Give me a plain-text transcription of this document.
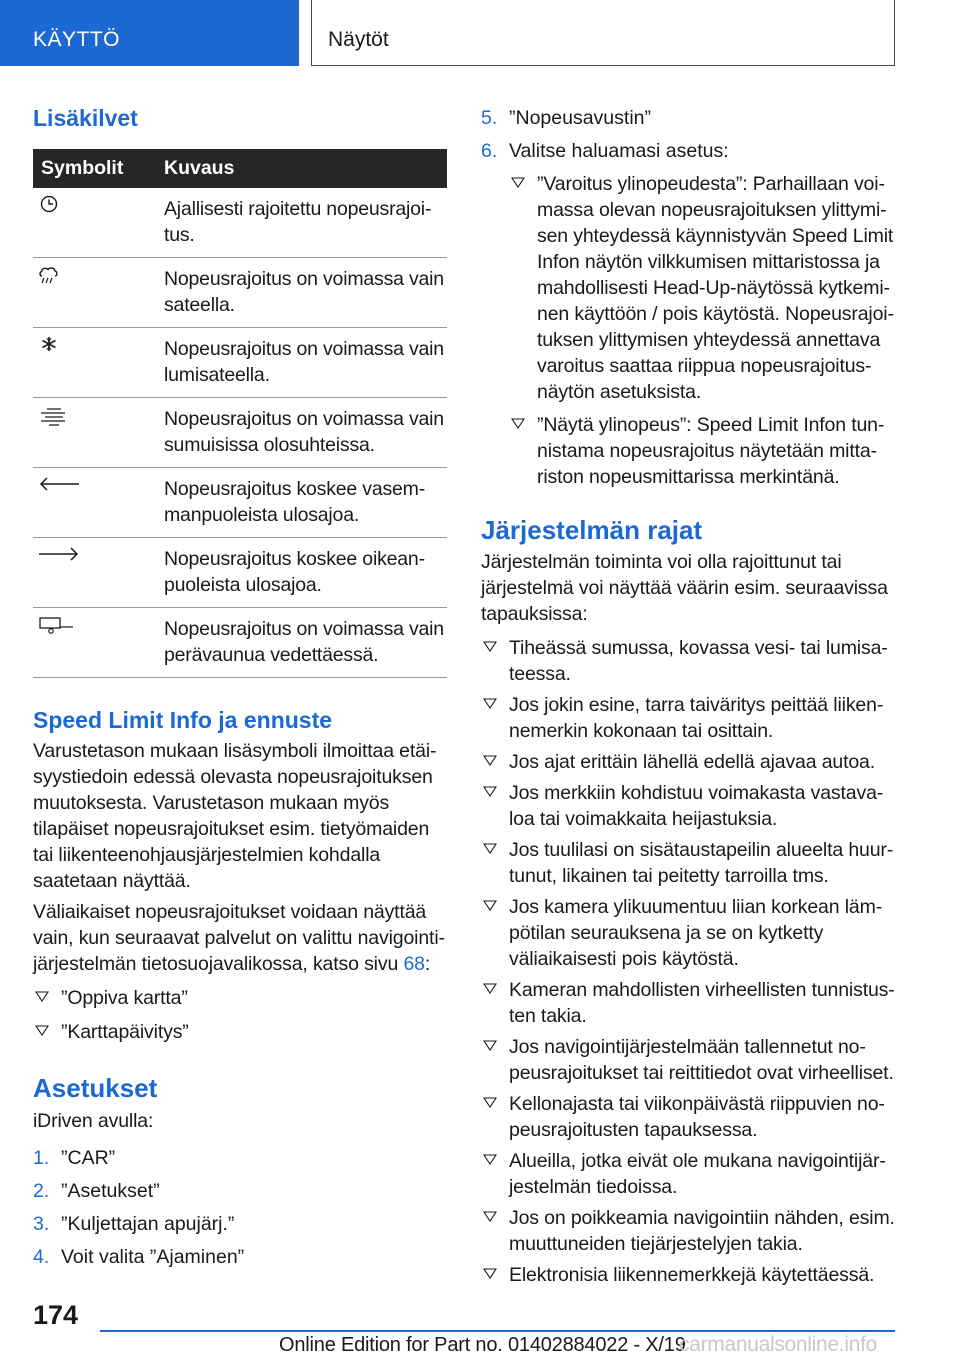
KÄYTTÖ	Näytöt
Lisäkilvet
Symbolit	Kuvaus
	Ajallisesti rajoitettu nopeusrajoitus.
	Nopeusrajoitus on voimassa vain sateella.
	Nopeusrajoitus on voimassa vain lumisateella.
	Nopeusrajoitus on voimassa vain sumuisissa olosuhteissa.
	Nopeusrajoitus koskee vasemmanpuoleista ulosajoa.
	Nopeusrajoitus koskee oikeanpuoleista ulosajoa.
	Nopeusrajoitus on voimassa vain perävaunua vedettäessä.
Speed Limit Info ja ennuste

Varustetason mukaan lisäsymboli ilmoittaa etäisyystiedoin edessä olevasta nopeusrajoituksen muutoksesta. Varustetason mukaan myös tilapäiset nopeusrajoitukset esim. tietyömaiden tai liikenteenohjausjärjestelmien kohdalla saatetaan näyttää.

Väliaikaiset nopeusrajoitukset voidaan näyttää vain, kun seuraavat palvelut on valittu navigointijärjestelmän tietosuojavalikossa, katso sivu 68:

”Oppiva kartta”
”Karttapäivitys”
Asetukset

iDriven avulla:

1. ”CAR”
2. ”Asetukset”
3. ”Kuljettajan apujärj.”
4. Voit valita ”Ajaminen”
5. ”Nopeusavustin”
6. Valitse haluamasi asetus:
”Varoitus ylinopeudesta”: Parhaillaan voimassa olevan nopeusrajoituksen ylittymisen yhteydessä käynnistyvän Speed Limit Infon näytön vilkkumisen mittaristossa ja mahdollisesti Head-Up-näytössä kytkeminen käyttöön / pois käytöstä. Nopeusrajoituksen ylittymisen yhteydessä annettava varoitus saattaa riippua nopeusrajoitusnäytön asetuksista.
”Näytä ylinopeus”: Speed Limit Infon tunnistama nopeusrajoitus näytetään mittariston nopeusmittarissa merkintänä.
Järjestelmän rajat

Järjestelmän toiminta voi olla rajoittunut tai järjestelmä voi näyttää väärin esim. seuraavissa tapauksissa:

Tiheässä sumussa, kovassa vesi- tai lumisateessa.
Jos jokin esine, tarra taiväritys peittää liikennemerkin kokonaan tai osittain.
Jos ajat erittäin lähellä edellä ajavaa autoa.
Jos merkkiin kohdistuu voimakasta vastavaloa tai voimakkaita heijastuksia.
Jos tuulilasi on sisätaustapeilin alueelta huurtunut, likainen tai peitetty tarroilla tms.
Jos kamera ylikuumentuu liian korkean lämpötilan seurauksena ja se on kytketty väliaikaisesti pois käytöstä.
Kameran mahdollisten virheellisten tunnistusten takia.
Jos navigointijärjestelmään tallennetut nopeusrajoitukset tai reittitiedot ovat virheelliset.
Kellonajasta tai viikonpäivästä riippuvien nopeusrajoitusten tapauksessa.
Alueilla, jotka eivät ole mukana navigointijärjestelmän tiedoissa.
Jos on poikkeamia navigointiin nähden, esim. muuttuneiden tiejärjestelyjen takia.
Elektronisia liikennemerkkejä käytettäessä.
174
Online Edition for Part no. 01402884022 - X/19
carmanualsonline.info
